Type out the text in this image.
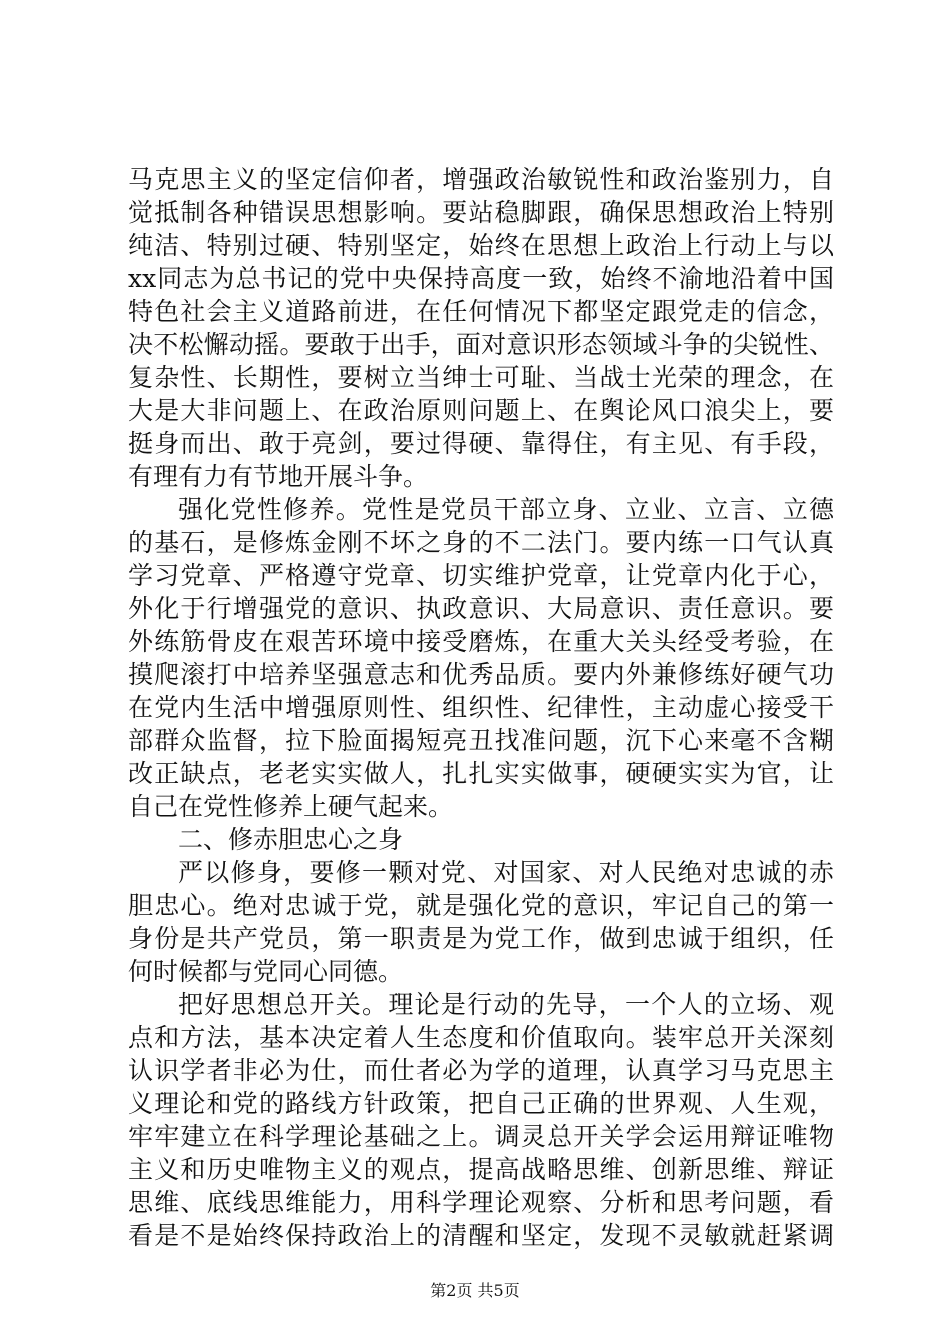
马克思主义的坚定信仰者，增强政治敏锐性和政治鉴别力，自
觉抵制各种错误思想影响。要站稳脚跟，确保思想政治上特别
纯洁、特别过硬、特别坚定，始终在思想上政治上行动上与以
xx同志为总书记的党中央保持高度一致，始终不渝地沿着中国
特色社会主义道路前进，在任何情况下都坚定跟党走的信念，
决不松懈动摇。要敢于出手，面对意识形态领域斗争的尖锐性、
复杂性、长期性，要树立当绅士可耻、当战士光荣的理念，在
大是大非问题上、在政治原则问题上、在舆论风口浪尖上，要
挺身而出、敢于亮剑，要过得硬、靠得住，有主见、有手段，
有理有力有节地开展斗争。
强化党性修养。党性是党员干部立身、立业、立言、立德
的基石，是修炼金刚不坏之身的不二法门。要内练一口气认真
学习党章、严格遵守党章、切实维护党章，让党章内化于心，
外化于行增强党的意识、执政意识、大局意识、责任意识。要
外练筋骨皮在艰苦环境中接受磨炼，在重大关头经受考验，在
摸爬滚打中培养坚强意志和优秀品质。要内外兼修练好硬气功
在党内生活中增强原则性、组织性、纪律性，主动虚心接受干
部群众监督，拉下脸面揭短亮丑找准问题，沉下心来毫不含糊
改正缺点，老老实实做人，扎扎实实做事，硬硬实实为官，让
自己在党性修养上硬气起来。
二、修赤胆忠心之身
严以修身，要修一颗对党、对国家、对人民绝对忠诚的赤
胆忠心。绝对忠诚于党，就是强化党的意识，牢记自己的第一
身份是共产党员，第一职责是为党工作，做到忠诚于组织，任
何时候都与党同心同德。
把好思想总开关。理论是行动的先导，一个人的立场、观
点和方法，基本决定着人生态度和价值取向。装牢总开关深刻
认识学者非必为仕，而仕者必为学的道理，认真学习马克思主
义理论和党的路线方针政策，把自己正确的世界观、人生观，
牢牢建立在科学理论基础之上。调灵总开关学会运用辩证唯物
主义和历史唯物主义的观点，提高战略思维、创新思维、辩证
思维、底线思维能力，用科学理论观察、分析和思考问题，看
看是不是始终保持政治上的清醒和坚定，发现不灵敏就赶紧调
第2页 共5页
